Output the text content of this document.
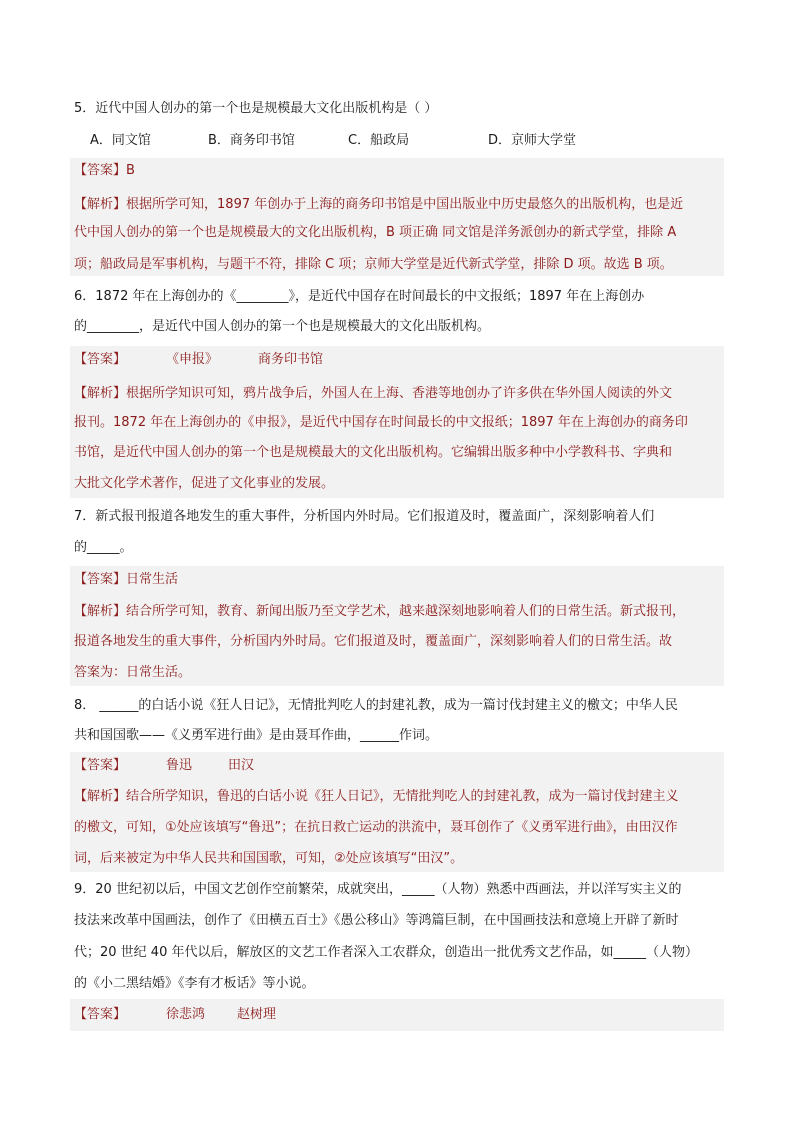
5．近代中国人创办的第一个也是规模最大文化出版机构是（ ）
A．同文馆	B．商务印书馆	C．船政局	D．京师大学堂
【答案】B
【解析】根据所学可知，1897 年创办于上海的商务印书馆是中国出版业中历史最悠久的出版机构，也是近
代中国人创办的第一个也是规模最大的文化出版机构，B 项正确 同文馆是洋务派创办的新式学堂，排除 A
项；船政局是军事机构，与题干不符，排除 C 项；京师大学堂是近代新式学堂，排除 D 项。故选 B 项。
6．1872 年在上海创办的《________》，是近代中国存在时间最长的中文报纸；1897 年在上海创办
的________，是近代中国人创办的第一个也是规模最大的文化出版机构。
【答案】	《申报》	商务印书馆
【解析】根据所学知识可知，鸦片战争后，外国人在上海、香港等地创办了许多供在华外国人阅读的外文
报刊。1872 年在上海创办的《申报》，是近代中国存在时间最长的中文报纸；1897 年在上海创办的商务印
书馆，是近代中国人创办的第一个也是规模最大的文化出版机构。它编辑出版多种中小学教科书、字典和
大批文化学术著作，促进了文化事业的发展。
7．新式报刊报道各地发生的重大事件，分析国内外时局。它们报道及时，覆盖面广，深刻影响着人们
的_____。
【答案】日常生活
【解析】结合所学可知，教育、新闻出版乃至文学艺术，越来越深刻地影响着人们的日常生活。新式报刊，
报道各地发生的重大事件，分析国内外时局。它们报道及时，覆盖面广，深刻影响着人们的日常生活。故
答案为：日常生活。
8． ______的白话小说《狂人日记》，无情批判吃人的封建礼教，成为一篇讨伐封建主义的檄文；中华人民
共和国国歌——《义勇军进行曲》是由聂耳作曲，______作词。
【答案】	鲁迅	田汉
【解析】结合所学知识，鲁迅的白话小说《狂人日记》，无情批判吃人的封建礼教，成为一篇讨伐封建主义
的檄文，可知，①处应该填写“鲁迅”；在抗日救亡运动的洪流中，聂耳创作了《义勇军进行曲》，由田汉作
词，后来被定为中华人民共和国国歌，可知，②处应该填写“田汉”。
9．20 世纪初以后，中国文艺创作空前繁荣，成就突出，_____（人物）熟悉中西画法，并以洋写实主义的
技法来改革中国画法，创作了《田横五百士》《愚公移山》等鸿篇巨制，在中国画技法和意境上开辟了新时
代；20 世纪 40 年代以后，解放区的文艺工作者深入工农群众，创造出一批优秀文艺作品，如_____（人物）
的《小二黑结婚》《李有才板话》等小说。
【答案】	徐悲鸿 赵树理
